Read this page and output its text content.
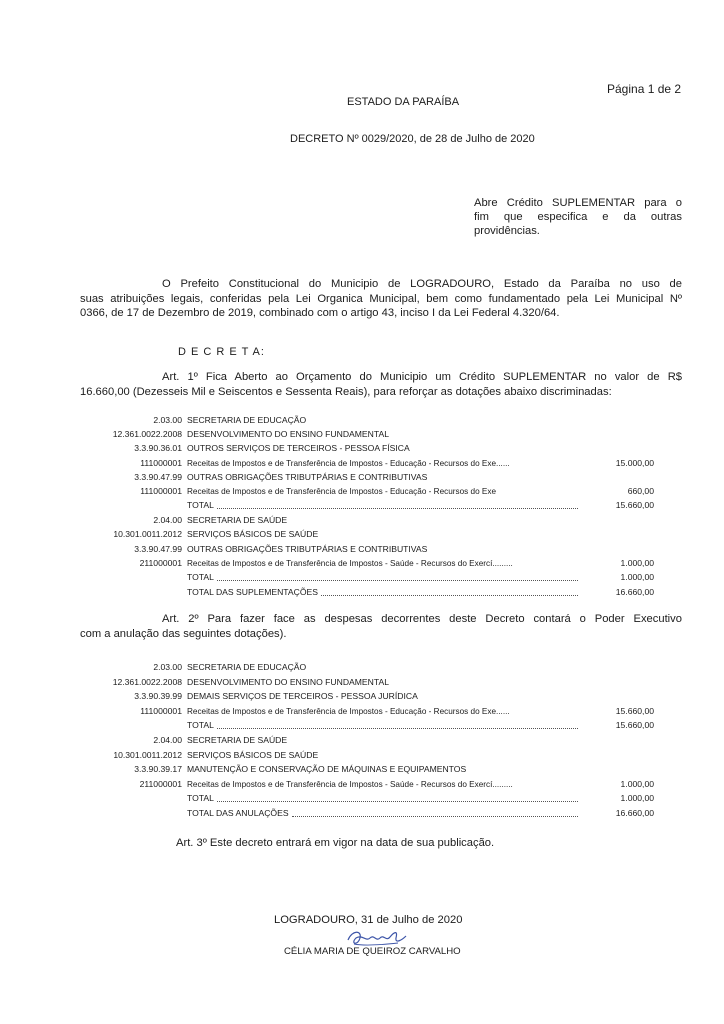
Página 1 de 2
ESTADO DA PARAÍBA
DECRETO Nº 0029/2020, de 28 de Julho de 2020
Abre Crédito SUPLEMENTAR para o
fim que especifica e da outras
providências.
O Prefeito Constitucional do Municipio de LOGRADOURO, Estado da Paraíba no uso de
suas atribuições legais, conferidas pela Lei Organica Municipal, bem como fundamentado pela Lei Municipal Nº
0366, de 17 de Dezembro de 2019, combinado com o artigo 43, inciso I da Lei Federal 4.320/64.
D E C R E T A:
Art. 1º Fica Aberto ao Orçamento do Municipio um Crédito SUPLEMENTAR no valor de R$
16.660,00 (Dezesseis Mil e Seiscentos e Sessenta Reais), para reforçar as dotações abaixo discriminadas:
2.03.00 SECRETARIA DE EDUCAÇÃO
12.361.0022.2008 DESENVOLVIMENTO DO ENSINO FUNDAMENTAL
3.3.90.36.01 OUTROS SERVIÇOS DE TERCEIROS - PESSOA FÍSICA
111000001 Receitas de Impostos e de Transferência de Impostos - Educação - Recursos do Exe......	15.000,00
3.3.90.47.99 OUTRAS OBRIGAÇÕES TRIBUTPÁRIAS E CONTRIBUTIVAS
111000001 Receitas de Impostos e de Transferência de Impostos - Educação - Recursos do Exe	660,00
TOTAL	15.660,00
2.04.00 SECRETARIA DE SAÚDE
10.301.0011.2012 SERVIÇOS BÁSICOS DE SAÚDE
3.3.90.47.99 OUTRAS OBRIGAÇÕES TRIBUTPÁRIAS E CONTRIBUTIVAS
211000001 Receitas de Impostos e de Transferência de Impostos - Saúde - Recursos do Exercí.........	1.000,00
TOTAL	1.000,00
TOTAL DAS SUPLEMENTAÇÕES	16.660,00
Art. 2º Para fazer face as despesas decorrentes deste Decreto contará o Poder Executivo
com a anulação das seguintes dotações).
2.03.00 SECRETARIA DE EDUCAÇÃO
12.361.0022.2008 DESENVOLVIMENTO DO ENSINO FUNDAMENTAL
3.3.90.39.99 DEMAIS SERVIÇOS DE TERCEIROS - PESSOA JURÍDICA
111000001 Receitas de Impostos e de Transferência de Impostos - Educação - Recursos do Exe......	15.660,00
TOTAL	15.660,00
2.04.00 SECRETARIA DE SAÚDE
10.301.0011.2012 SERVIÇOS BÁSICOS DE SAÚDE
3.3.90.39.17 MANUTENÇÃO E CONSERVAÇÃO DE MÁQUINAS E EQUIPAMENTOS
211000001 Receitas de Impostos e de Transferência de Impostos - Saúde - Recursos do Exercí.........	1.000,00
TOTAL	1.000,00
TOTAL DAS ANULAÇÕES	16.660,00
Art. 3º Este decreto entrará em vigor na data de sua publicação.
LOGRADOURO, 31 de Julho de 2020
CÉLIA MARIA DE QUEIROZ CARVALHO
